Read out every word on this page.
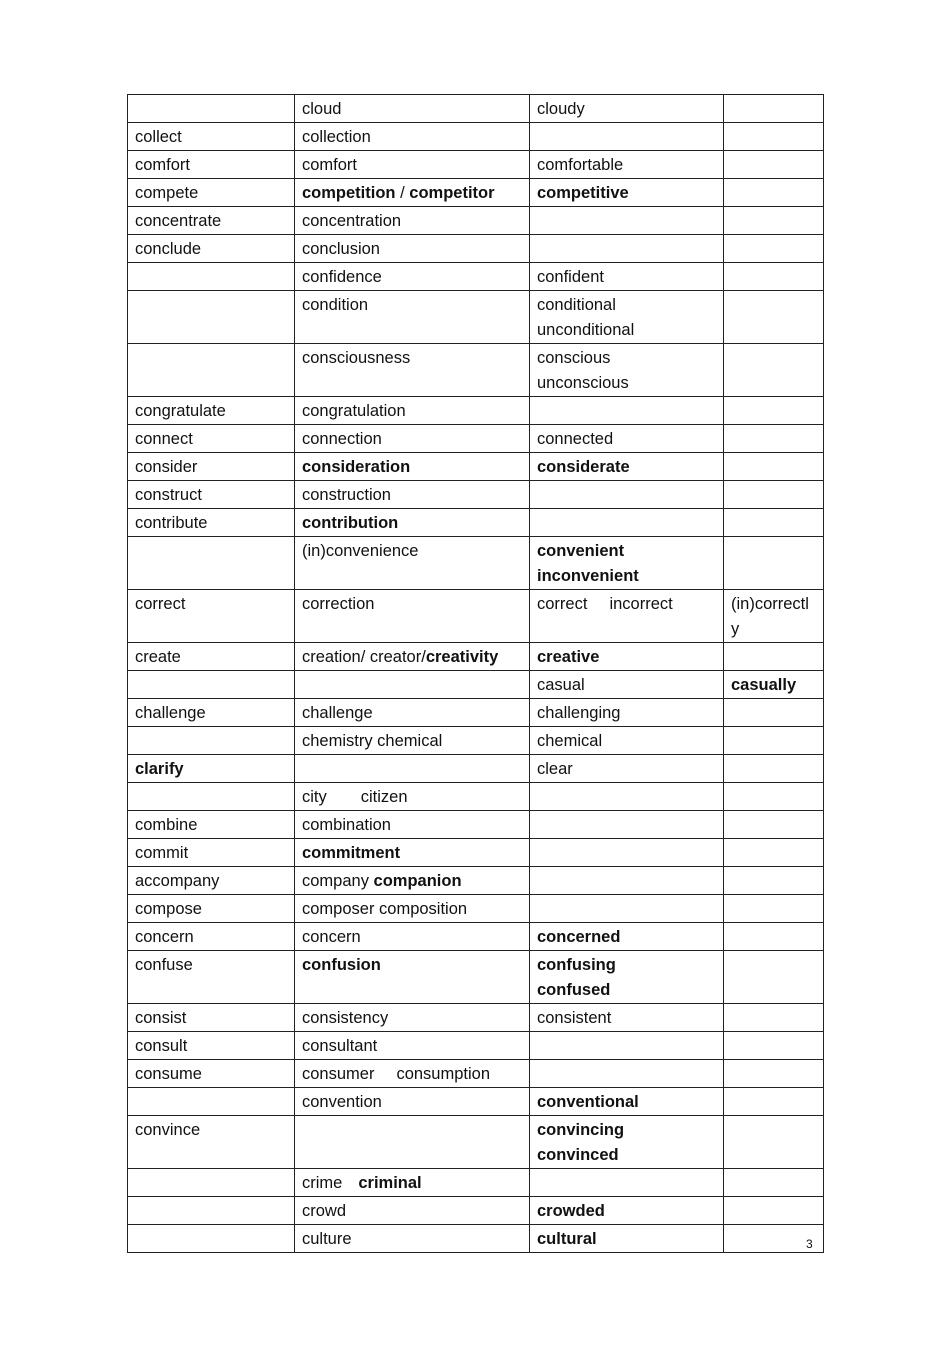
	cloud	cloudy	
collect	collection		
comfort	comfort	comfortable	
compete	competition / competitor	competitive	
concentrate	concentration		
conclude	conclusion		
	confidence	confident	
	condition	conditional
unconditional	
	consciousness	conscious
unconscious	
congratulate	congratulation		
connect	connection	connected	
consider	consideration	considerate	
construct	construction		
contribute	contribution		
	(in)convenience	convenient
inconvenient	
correct	correction	correct incorrect	(in)correctly
create	creation/ creator/creativity	creative	
		casual	casually
challenge	challenge	challenging	
	chemistry chemical	chemical	
clarify		clear	
	city citizen		
combine	combination		
commit	commitment		
accompany	company companion		
compose	composer composition		
concern	concern	concerned	
confuse	confusion	confusing
confused	
consist	consistency	consistent	
consult	consultant		
consume	consumer consumption		
	convention	conventional	
convince		convincing
convinced	
	crime criminal		
	crowd	crowded	
	culture	cultural		3
